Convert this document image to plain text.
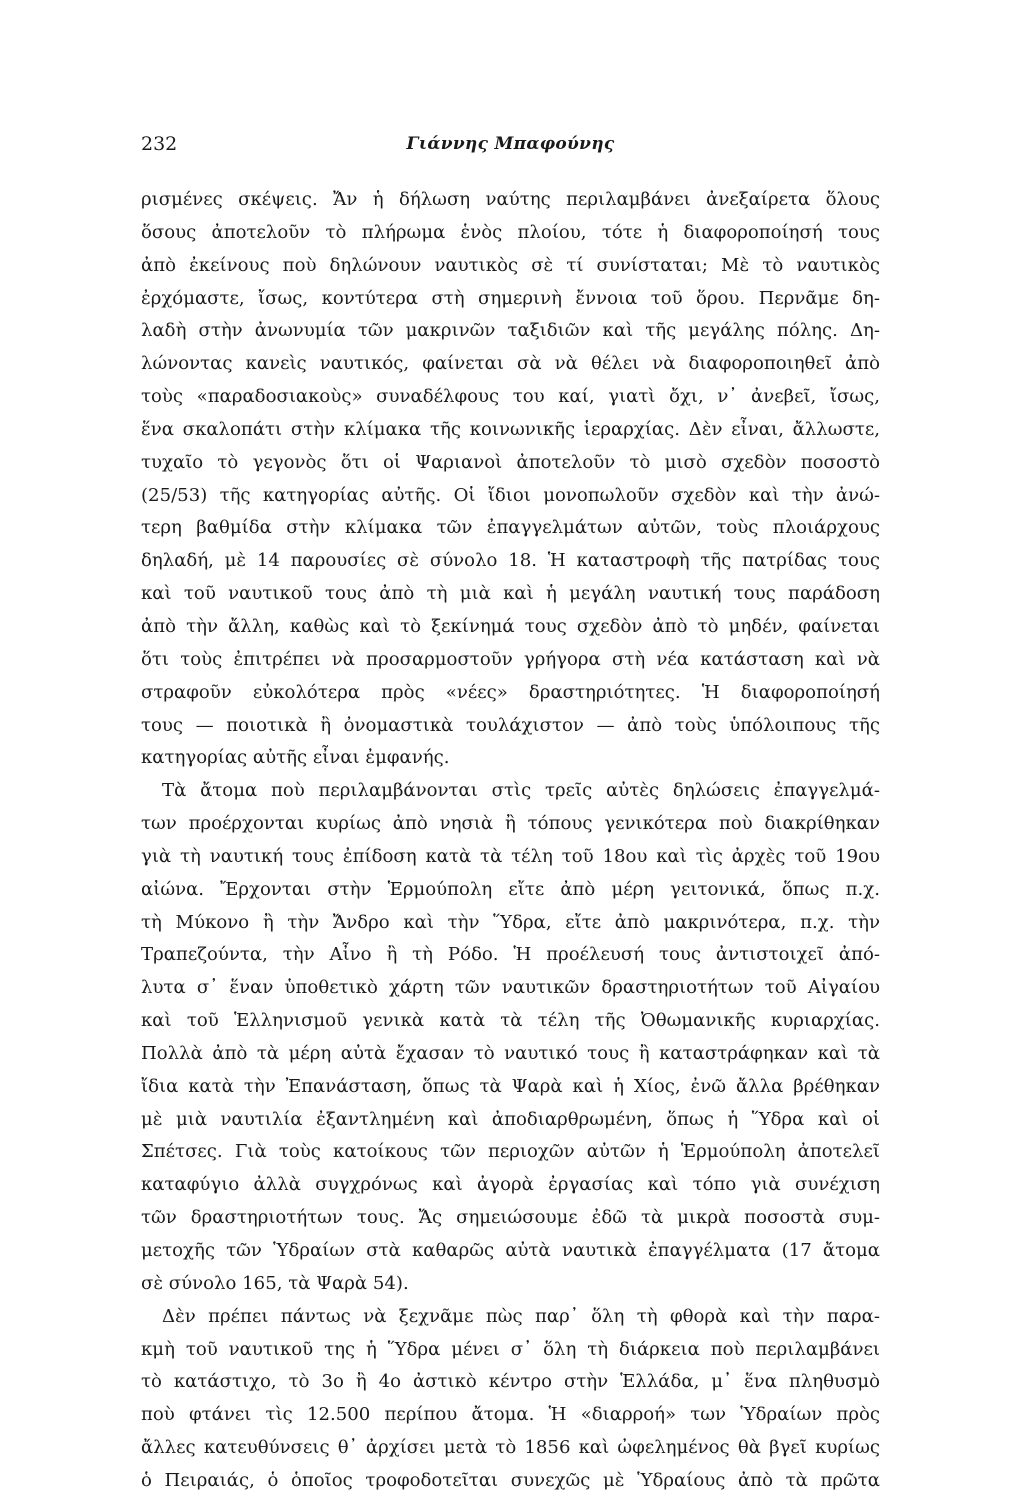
232	Γιάννης Μπαφούνης
ρισμένες σκέψεις. Ἄν ἡ δήλωση ναύτης περιλαμβάνει ἀνεξαίρετα ὅλους
ὅσους ἀποτελοῦν τὸ πλήρωμα ἑνὸς πλοίου, τότε ἡ διαφοροποίησή τους
ἀπὸ ἐκείνους ποὺ δηλώνουν ναυτικὸς σὲ τί συνίσταται; Μὲ τὸ ναυτικὸς
ἐρχόμαστε, ἴσως, κοντύτερα στὴ σημερινὴ ἔννοια τοῦ ὅρου. Περνᾶμε δη-
λαδὴ στὴν ἀνωνυμία τῶν μακρινῶν ταξιδιῶν καὶ τῆς μεγάλης πόλης. Δη-
λώνοντας κανεὶς ναυτικός, φαίνεται σὰ νὰ θέλει νὰ διαφοροποιηθεῖ ἀπὸ
τοὺς «παραδοσιακοὺς» συναδέλφους του καί, γιατὶ ὄχι, ν᾿ ἀνεβεῖ, ἴσως,
ἕνα σκαλοπάτι στὴν κλίμακα τῆς κοινωνικῆς ἱεραρχίας. Δὲν εἶναι, ἄλλωστε,
τυχαῖο τὸ γεγονὸς ὅτι οἱ Ψαριανοὶ ἀποτελοῦν τὸ μισὸ σχεδὸν ποσοστὸ
(25/53) τῆς κατηγορίας αὐτῆς. Οἱ ἴδιοι μονοπωλοῦν σχεδὸν καὶ τὴν ἀνώ-
τερη βαθμίδα στὴν κλίμακα τῶν ἐπαγγελμάτων αὐτῶν, τοὺς πλοιάρχους
δηλαδή, μὲ 14 παρουσίες σὲ σύνολο 18. Ἡ καταστροφὴ τῆς πατρίδας τους
καὶ τοῦ ναυτικοῦ τους ἀπὸ τὴ μιὰ καὶ ἡ μεγάλη ναυτική τους παράδοση
ἀπὸ τὴν ἄλλη, καθὼς καὶ τὸ ξεκίνημά τους σχεδὸν ἀπὸ τὸ μηδέν, φαίνεται
ὅτι τοὺς ἐπιτρέπει νὰ προσαρμοστοῦν γρήγορα στὴ νέα κατάσταση καὶ νὰ
στραφοῦν εὐκολότερα πρὸς «νέες» δραστηριότητες. Ἡ διαφοροποίησή
τους — ποιοτικὰ ἢ ὀνομαστικὰ τουλάχιστον — ἀπὸ τοὺς ὑπόλοιπους τῆς
κατηγορίας αὐτῆς εἶναι ἐμφανής.
Τὰ ἄτομα ποὺ περιλαμβάνονται στὶς τρεῖς αὐτὲς δηλώσεις ἐπαγγελμά-
των προέρχονται κυρίως ἀπὸ νησιὰ ἢ τόπους γενικότερα ποὺ διακρίθηκαν
γιὰ τὴ ναυτική τους ἐπίδοση κατὰ τὰ τέλη τοῦ 18ου καὶ τὶς ἀρχὲς τοῦ 19ου
αἰώνα. Ἔρχονται στὴν Ἑρμούπολη εἴτε ἀπὸ μέρη γειτονικά, ὅπως π.χ.
τὴ Μύκονο ἢ τὴν Ἄνδρο καὶ τὴν Ὕδρα, εἴτε ἀπὸ μακρινότερα, π.χ. τὴν
Τραπεζούντα, τὴν Αἶνο ἢ τὴ Ρόδο. Ἡ προέλευσή τους ἀντιστοιχεῖ ἀπό-
λυτα σ᾿ ἕναν ὑποθετικὸ χάρτη τῶν ναυτικῶν δραστηριοτήτων τοῦ Αἰγαίου
καὶ τοῦ Ἑλληνισμοῦ γενικὰ κατὰ τὰ τέλη τῆς Ὀθωμανικῆς κυριαρχίας.
Πολλὰ ἀπὸ τὰ μέρη αὐτὰ ἔχασαν τὸ ναυτικό τους ἢ καταστράφηκαν καὶ τὰ
ἴδια κατὰ τὴν Ἐπανάσταση, ὅπως τὰ Ψαρὰ καὶ ἡ Χίος, ἐνῶ ἄλλα βρέθηκαν
μὲ μιὰ ναυτιλία ἐξαντλημένη καὶ ἀποδιαρθρωμένη, ὅπως ἡ Ὕδρα καὶ οἱ
Σπέτσες. Γιὰ τοὺς κατοίκους τῶν περιοχῶν αὐτῶν ἡ Ἑρμούπολη ἀποτελεῖ
καταφύγιο ἀλλὰ συγχρόνως καὶ ἀγορὰ ἐργασίας καὶ τόπο γιὰ συνέχιση
τῶν δραστηριοτήτων τους. Ἄς σημειώσουμε ἐδῶ τὰ μικρὰ ποσοστὰ συμ-
μετοχῆς τῶν Ὑδραίων στὰ καθαρῶς αὐτὰ ναυτικὰ ἐπαγγέλματα (17 ἄτομα
σὲ σύνολο 165, τὰ Ψαρὰ 54).
Δὲν πρέπει πάντως νὰ ξεχνᾶμε πὼς παρ᾿ ὅλη τὴ φθορὰ καὶ τὴν παρα-
κμὴ τοῦ ναυτικοῦ της ἡ Ὕδρα μένει σ᾿ ὅλη τὴ διάρκεια ποὺ περιλαμβάνει
τὸ κατάστιχο, τὸ 3ο ἢ 4ο ἀστικὸ κέντρο στὴν Ἑλλάδα, μ᾿ ἕνα πληθυσμὸ
ποὺ φτάνει τὶς 12.500 περίπου ἄτομα. Ἡ «διαρροή» των Ὑδραίων πρὸς
ἄλλες κατευθύνσεις θ᾿ ἀρχίσει μετὰ τὸ 1856 καὶ ὠφελημένος θὰ βγεῖ κυρίως
ὁ Πειραιάς, ὁ ὁποῖος τροφοδοτεῖται συνεχῶς μὲ Ὑδραίους ἀπὸ τὰ πρῶτα
